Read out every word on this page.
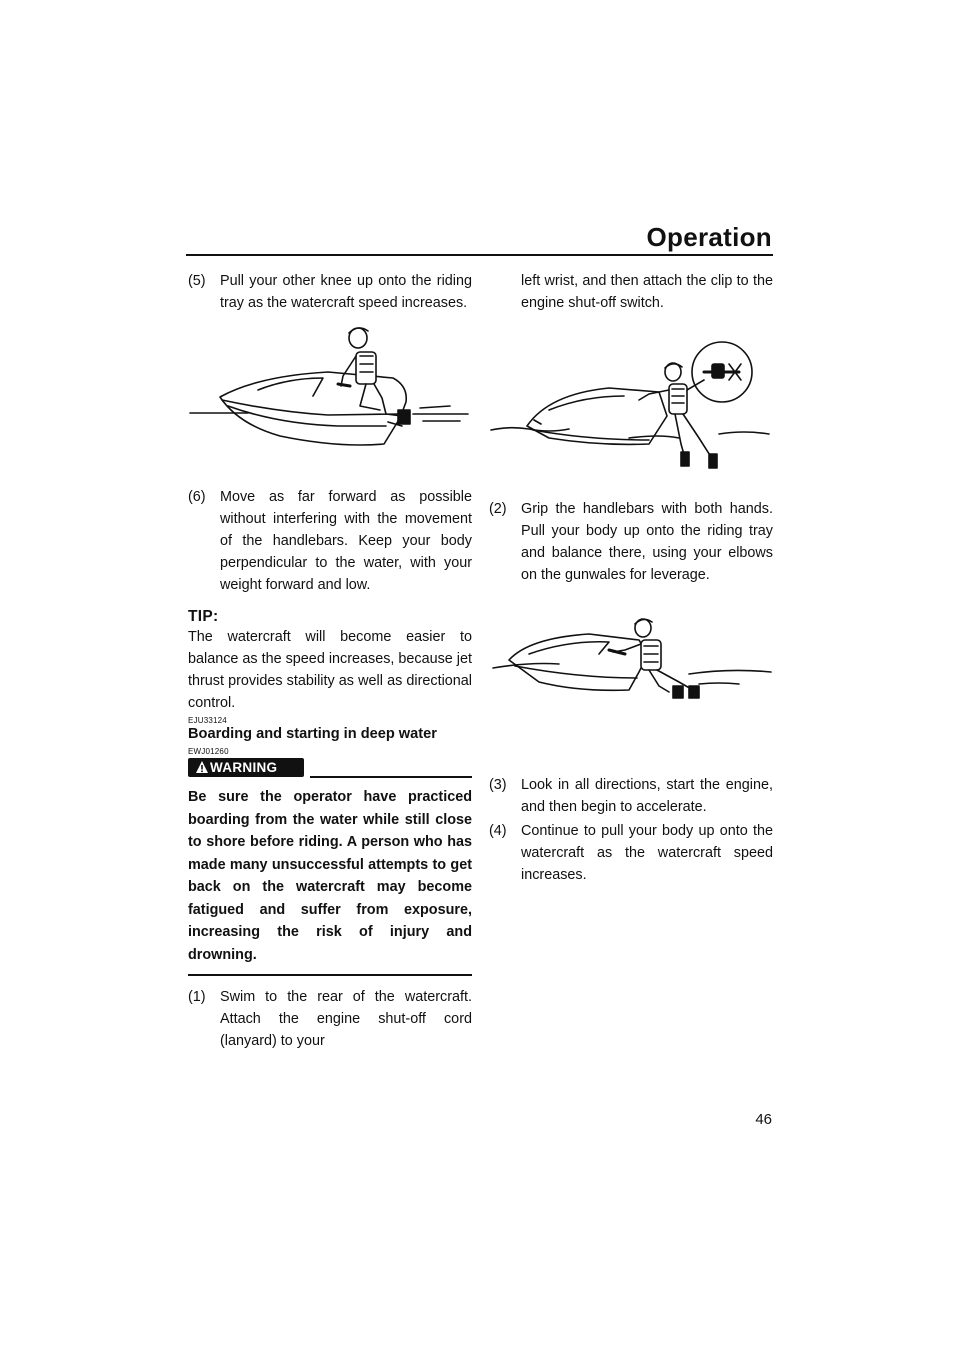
Operation
(5) Pull your other knee up onto the riding tray as the watercraft speed increases.
(6) Move as far forward as possible without interfering with the movement of the handlebars. Keep your body perpendicular to the water, with your weight forward and low.

TIP:

The watercraft will become easier to balance as the speed increases, because jet thrust provides stability as well as directional control.

EJU33124

Boarding and starting in deep water

EWJ01260

WARNING

Be sure the operator have practiced boarding from the water while still close to shore before riding. A person who has made many unsuccessful attempts to get back on the watercraft may become fatigued and suffer from exposure, increasing the risk of injury and drowning.

(1) Swim to the rear of the watercraft. Attach the engine shut-off cord (lanyard) to your

left wrist, and then attach the clip to the engine shut-off switch.

(2) Grip the handlebars with both hands. Pull your body up onto the riding tray and balance there, using your elbows on the gunwales for leverage.
(3) Look in all directions, start the engine, and then begin to accelerate.
(4) Continue to pull your body up onto the watercraft as the watercraft speed increases.
46
